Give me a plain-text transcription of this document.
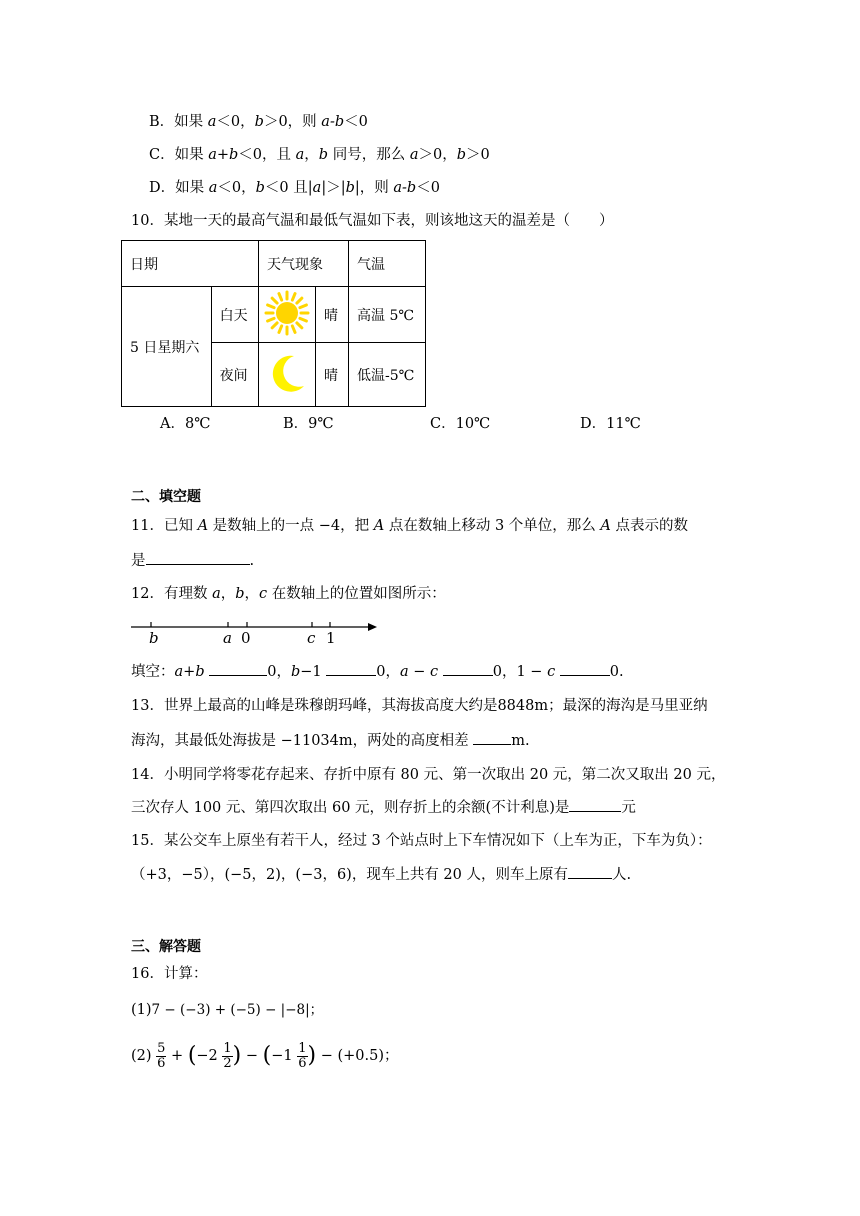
B．如果 a＜0，b＞0，则 a-b＜0
C．如果 a+b＜0，且 a，b 同号，那么 a＞0，b＞0
D．如果 a＜0，b＜0 且|a|＞|b|，则 a-b＜0
10．某地一天的最高气温和最低气温如下表，则该地这天的温差是（　　）
日期		天气现象		气温
5 日星期六	白天		晴	高温 5℃
	夜间		晴	低温-5℃
A．8℃	B．9℃	C．10℃	D．11℃
二、填空题
11．已知 A 是数轴上的一点 −4，把 A 点在数轴上移动 3 个单位，那么 A 点表示的数
是	.
12．有理数 a，b，c 在数轴上的位置如图所示：
b	a 0	c 1
填空：a+b	0，b−1	0，a − c	0，1 − c	0.
13．世界上最高的山峰是珠穆朗玛峰，其海拔高度大约是8848m；最深的海沟是马里亚纳
海沟，其最低处海拔是 −11034m，两处的高度相差	m.
14．小明同学将零花存起来、存折中原有 80 元、第一次取出 20 元，第二次又取出 20 元，
三次存人 100 元、第四次取出 60 元，则存折上的余额(不计利息)是	元
15．某公交车上原坐有若干人，经过 3 个站点时上下车情况如下（上车为正，下车为负）：
（+3，−5），(−5，2)，(−3，6)，现车上共有 20 人，则车上原有	人.
三、解答题
16．计算：
(1)7 − (−3) + (−5) − |−8|；
$(2) \frac{5}{6} + (-2 \frac{1}{2}$ ) − ($-1 \frac{1}{6}$ ) − (+0.5)；
